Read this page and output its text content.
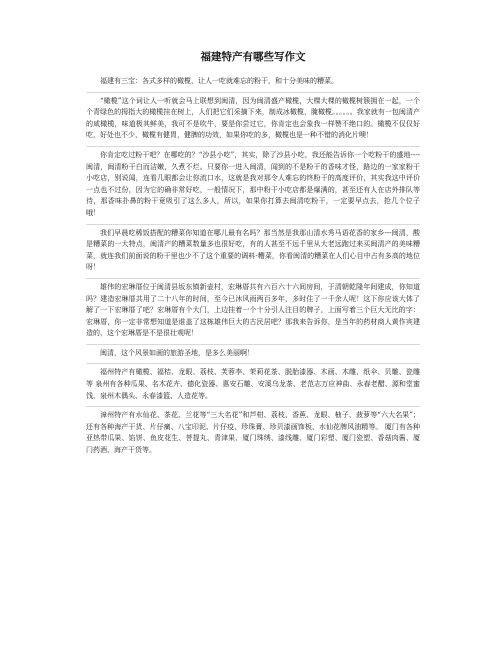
福建特产有哪些写作文

福建有三宝：各式多样的橄榄，让人一吃就难忘的粉干，和十分美味的糟菜。

“橄榄”这个词让人一听就会马上联想到闽清，因为闽清盛产橄榄，大棵大棵的橄榄树簇拥在一起，一个个青绿色的拇指大的橄榄挂在树上，人们把它们采摘下来，制成冰橄榄，腌橄榄。。。。。。我家就有一包闽清产的咸橄榄，味道极其鲜美，我可不是吹牛，要是你尝过它，你肯定也会象我一样赞不绝口的。橄榄不仅仅好吃，好处也不少，橄榄有健胃，健脾的功效，如果你吃的多，橄榄也是一种不错的消化片噢！

你肯定吃过粉干吧？在哪吃的？“沙县小吃”，其实，除了沙县小吃，我还能告诉你一个吃粉干的盛地----闽清，闽清粉干白而洁嫩，久煮不烂。只要你一进入闽清，闻到的不是粉干的香味才怪，路边的一家家粉干小吃店，别说闻，连看几眼都会让你流口水，这就是我对那令人难忘的终粉干的高度评价，其实我这中评价一点也不过份，因为它的确非常好吃，一般情况下，那中粉干小吃店都是爆满的，甚至还有人在店外排队等待，那香味扑鼻的粉干竟吸引了这么多人，所以，如果你打算去闽清吃粉干，一定要早点去，抢几个位子哦！

我们早晨吃稀饭搭配的糟菜你知道在哪儿最有名吗？那当然是我那山清水秀马语花香的家乡---闽清，酸是糟菜的一大特点，闽清产的糟菜数量多也很好吃，有的人甚至不远千里从大老远跑过来买闽清产的美味糟菜，就连我们前面说的粉干里也少不了这个重要的调料-糟菜，你看闽清的糟菜在人们心目中占有多高的地位呀！

雄伟的宏琳厝位于闽清县坂东镇新壶村，宏琳厝共有六百六十六间房间，于清朝乾隆年间建成，你知道吗？建造宏琳厝共用了二十八年的时间，至今已沐风雨两百多年，多时住了一千余人呢！这下你应该大体了解了一下宏琳厝了吧？宏琳厝有个大门，上边挂着一个十分引人注目的牌子，上面写着三个巨大无比的字：宏琳厝，你一定非常想知道是谁盖了这栋雄伟巨大的古民居吧？那我来告诉你，是当年的药材商人黄作宾建造的，这个宏琳厝是不是很壮观呢！

闽清，这个风景如画的旅游圣地，是多么美丽啊！

福州特产有橄榄、福桔、龙眼、荔枝、芙蓉李、茉莉花茶、脱胎漆器、木画、木雕、纸伞、贝雕、瓷雕等 泉州有各种瓜果、名木花卉、德化瓷器、惠安石雕、安溪乌龙茶、老范志万应神曲、永春老醋、源和堂蜜饯、泉州木偶头、永春漆篮、人造花等。

漳州特产有水仙花、茶花、兰花等“三大名花”和芦柑、荔枝、香蕉、龙眼、柚子、菠萝等“六大名果”；还有各种海产干货、片仔癀、八宝印泥、片仔疫、珍珠膏、珍贝漆画饰板、水仙花牌风油精等。 厦门有各种亚热带瓜果、馅饼、鱼皮花生、菩提丸、青津果、厦门珠绣、漆线雕、厦门彩塑、厦门瓷塑、香菇肉酱、厦门药酒、海产干货等。
